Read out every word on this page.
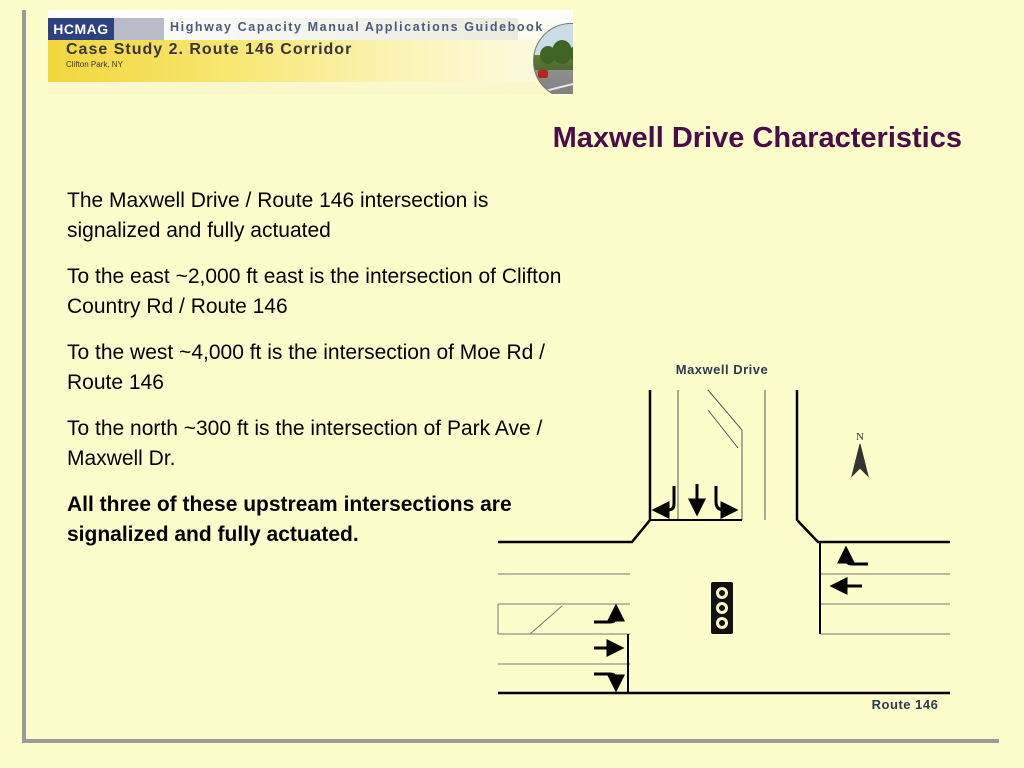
HCMAG	Highway Capacity Manual Applications Guidebook
Case Study 2. Route 146 Corridor
Clifton Park, NY
Maxwell Drive Characteristics

The Maxwell Drive / Route 146 intersection is signalized and fully actuated

To the east ~2,000 ft east is the intersection of Clifton Country Rd / Route 146

To the west ~4,000 ft is the intersection of Moe Rd / Route 146

To the north ~300 ft is the intersection of Park Ave / Maxwell Dr.

All three of these upstream intersections are signalized and fully actuated.

Maxwell Drive
N
Route 146
